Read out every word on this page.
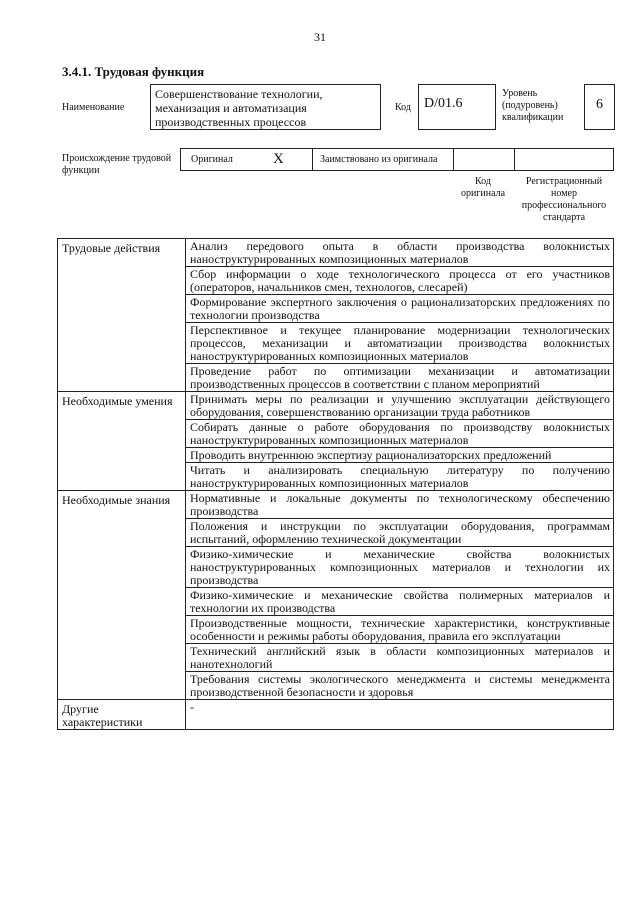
31
3.4.1. Трудовая функция
Наименование
Совершенствование технологии, механизация и автоматизация производственных процессов
Код D/01.6
Уровень (подуровень) квалификации
6
Происхождение трудовой функции
Оригинал	X	Заимствовано из оригинала
Код оригинала
Регистрационный номер профессионального стандарта
Трудовые действия	Анализ передового опыта в области производства волокнистых наноструктурированных композиционных материалов
	Сбор информации о ходе технологического процесса от его участников (операторов, начальников смен, технологов, слесарей)
	Формирование экспертного заключения о рационализаторских предложениях по технологии производства
	Перспективное и текущее планирование модернизации технологических процессов, механизации и автоматизации производства волокнистых наноструктурированных композиционных материалов
	Проведение работ по оптимизации механизации и автоматизации производственных процессов в соответствии с планом мероприятий
Необходимые умения	Принимать меры по реализации и улучшению эксплуатации действующего оборудования, совершенствованию организации труда работников
	Собирать данные о работе оборудования по производству волокнистых наноструктурированных композиционных материалов
	Проводить внутреннюю экспертизу рационализаторских предложений
	Читать и анализировать специальную литературу по получению наноструктурированных композиционных материалов
Необходимые знания	Нормативные и локальные документы по технологическому обеспечению производства
	Положения и инструкции по эксплуатации оборудования, программам испытаний, оформлению технической документации
	Физико-химические и механические свойства волокнистых наноструктурированных композиционных материалов и технологии их производства
	Физико-химические и механические свойства полимерных материалов и технологии их производства
	Производственные мощности, технические характеристики, конструктивные особенности и режимы работы оборудования, правила его эксплуатации
	Технический английский язык в области композиционных материалов и нанотехнологий
	Требования системы экологического менеджмента и системы менеджмента производственной безопасности и здоровья
Другие характеристики	-
